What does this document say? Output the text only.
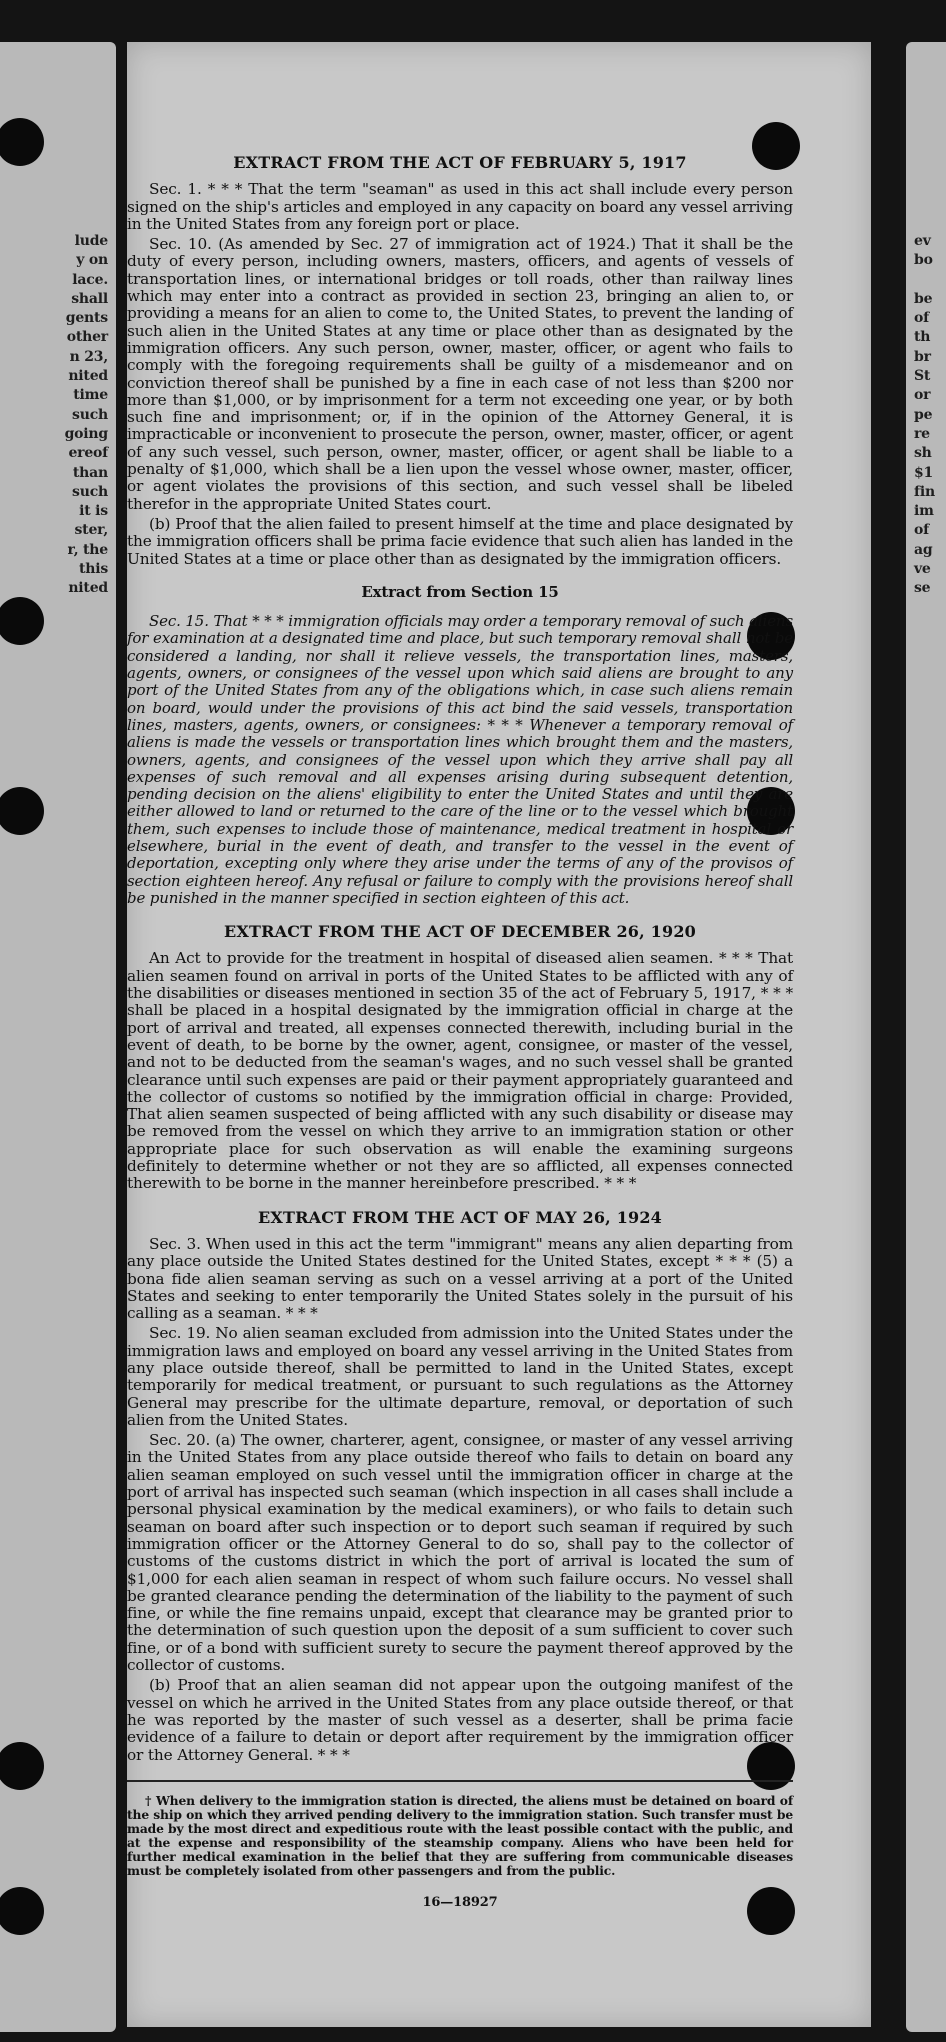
lude
y on
lace.
shall
gents
other
n 23,
nited
time
such
going
ereof
than
such
it is
ster,
r, the
this
nited
ev
bo

be
of
th
br
St
or
pe
re
sh
$1
fin
im
of
ag
ve
se
EXTRACT FROM THE ACT OF FEBRUARY 5, 1917

Sec. 1. * * * That the term "seaman" as used in this act shall include every person signed on the ship's articles and employed in any capacity on board any vessel arriving in the United States from any foreign port or place.

Sec. 10. (As amended by Sec. 27 of immigration act of 1924.) That it shall be the duty of every person, including owners, masters, officers, and agents of vessels of transportation lines, or international bridges or toll roads, other than railway lines which may enter into a contract as provided in section 23, bringing an alien to, or providing a means for an alien to come to, the United States, to prevent the landing of such alien in the United States at any time or place other than as designated by the immigration officers. Any such person, owner, master, officer, or agent who fails to comply with the foregoing requirements shall be guilty of a misdemeanor and on conviction thereof shall be punished by a fine in each case of not less than $200 nor more than $1,000, or by imprisonment for a term not exceeding one year, or by both such fine and imprisonment; or, if in the opinion of the Attorney General, it is impracticable or inconvenient to prosecute the person, owner, master, officer, or agent of any such vessel, such person, owner, master, officer, or agent shall be liable to a penalty of $1,000, which shall be a lien upon the vessel whose owner, master, officer, or agent violates the provisions of this section, and such vessel shall be libeled therefor in the appropriate United States court.

(b) Proof that the alien failed to present himself at the time and place designated by the immigration officers shall be prima facie evidence that such alien has landed in the United States at a time or place other than as designated by the immigration officers.

Extract from Section 15

Sec. 15. That * * * immigration officials may order a temporary removal of such aliens for examination at a designated time and place, but such temporary removal shall not be considered a landing, nor shall it relieve vessels, the transportation lines, masters, agents, owners, or consignees of the vessel upon which said aliens are brought to any port of the United States from any of the obligations which, in case such aliens remain on board, would under the provisions of this act bind the said vessels, transportation lines, masters, agents, owners, or consignees: * * * Whenever a temporary removal of aliens is made the vessels or transportation lines which brought them and the masters, owners, agents, and consignees of the vessel upon which they arrive shall pay all expenses of such removal and all expenses arising during subsequent detention, pending decision on the aliens' eligibility to enter the United States and until they are either allowed to land or returned to the care of the line or to the vessel which brought them, such expenses to include those of maintenance, medical treatment in hospital or elsewhere, burial in the event of death, and transfer to the vessel in the event of deportation, excepting only where they arise under the terms of any of the provisos of section eighteen hereof. Any refusal or failure to comply with the provisions hereof shall be punished in the manner specified in section eighteen of this act.

EXTRACT FROM THE ACT OF DECEMBER 26, 1920

An Act to provide for the treatment in hospital of diseased alien seamen. * * * That alien seamen found on arrival in ports of the United States to be afflicted with any of the disabilities or diseases mentioned in section 35 of the act of February 5, 1917, * * * shall be placed in a hospital designated by the immigration official in charge at the port of arrival and treated, all expenses connected therewith, including burial in the event of death, to be borne by the owner, agent, consignee, or master of the vessel, and not to be deducted from the seaman's wages, and no such vessel shall be granted clearance until such expenses are paid or their payment appropriately guaranteed and the collector of customs so notified by the immigration official in charge: Provided, That alien seamen suspected of being afflicted with any such disability or disease may be removed from the vessel on which they arrive to an immigration station or other appropriate place for such observation as will enable the examining surgeons definitely to determine whether or not they are so afflicted, all expenses connected therewith to be borne in the manner hereinbefore prescribed. * * *

EXTRACT FROM THE ACT OF MAY 26, 1924

Sec. 3. When used in this act the term "immigrant" means any alien departing from any place outside the United States destined for the United States, except * * * (5) a bona fide alien seaman serving as such on a vessel arriving at a port of the United States and seeking to enter temporarily the United States solely in the pursuit of his calling as a seaman. * * *

Sec. 19. No alien seaman excluded from admission into the United States under the immigration laws and employed on board any vessel arriving in the United States from any place outside thereof, shall be permitted to land in the United States, except temporarily for medical treatment, or pursuant to such regulations as the Attorney General may prescribe for the ultimate departure, removal, or deportation of such alien from the United States.

Sec. 20. (a) The owner, charterer, agent, consignee, or master of any vessel arriving in the United States from any place outside thereof who fails to detain on board any alien seaman employed on such vessel until the immigration officer in charge at the port of arrival has inspected such seaman (which inspection in all cases shall include a personal physical examination by the medical examiners), or who fails to detain such seaman on board after such inspection or to deport such seaman if required by such immigration officer or the Attorney General to do so, shall pay to the collector of customs of the customs district in which the port of arrival is located the sum of $1,000 for each alien seaman in respect of whom such failure occurs. No vessel shall be granted clearance pending the determination of the liability to the payment of such fine, or while the fine remains unpaid, except that clearance may be granted prior to the determination of such question upon the deposit of a sum sufficient to cover such fine, or of a bond with sufficient surety to secure the payment thereof approved by the collector of customs.

(b) Proof that an alien seaman did not appear upon the outgoing manifest of the vessel on which he arrived in the United States from any place outside thereof, or that he was reported by the master of such vessel as a deserter, shall be prima facie evidence of a failure to detain or deport after requirement by the immigration officer or the Attorney General. * * *

† When delivery to the immigration station is directed, the aliens must be detained on board of the ship on which they arrived pending delivery to the immigration station. Such transfer must be made by the most direct and expeditious route with the least possible contact with the public, and at the expense and responsibility of the steamship company. Aliens who have been held for further medical examination in the belief that they are suffering from communicable diseases must be completely isolated from other passengers and from the public.

16—18927
